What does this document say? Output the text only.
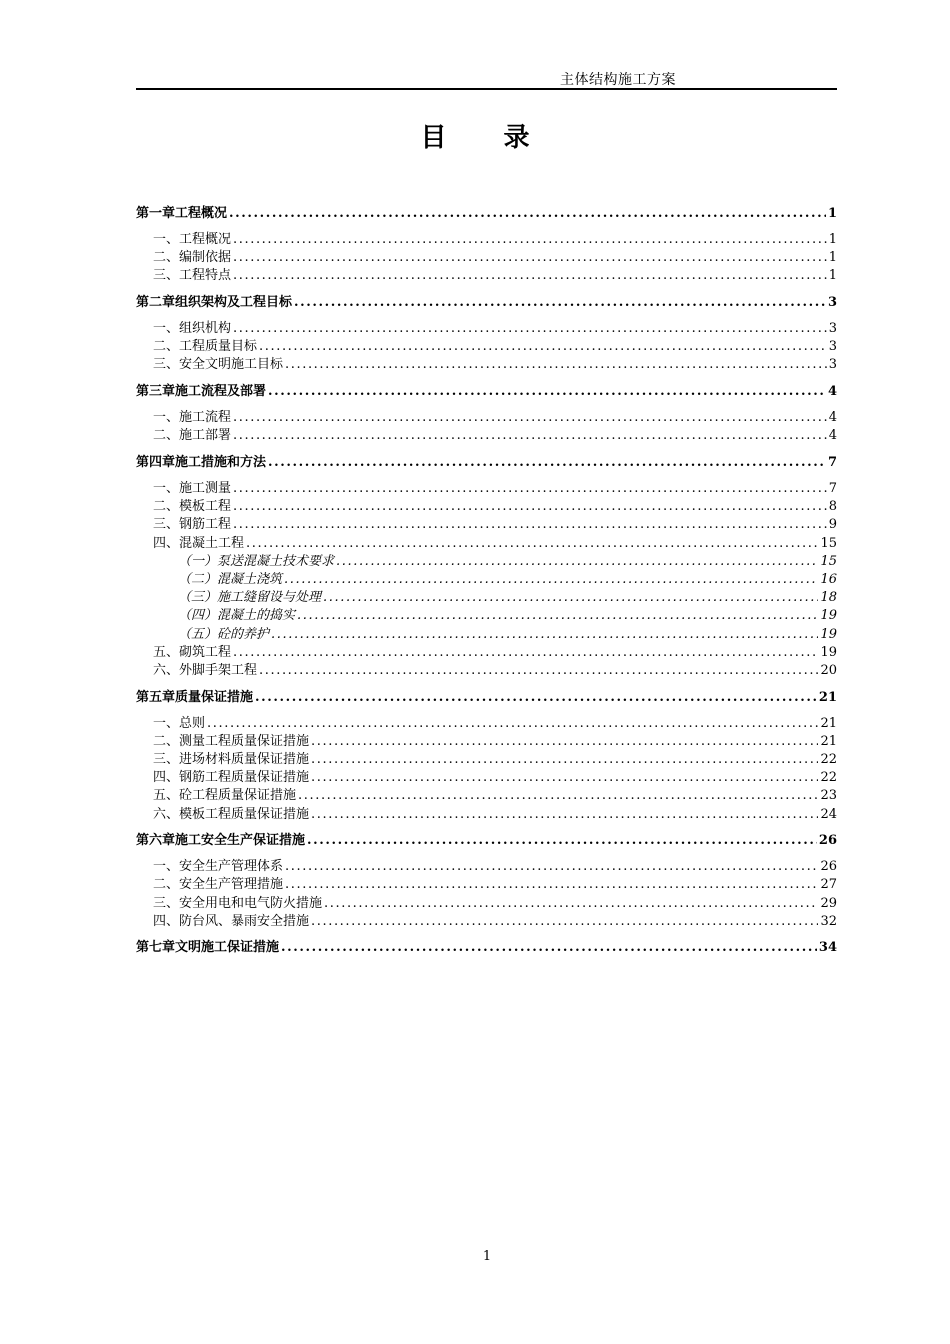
主体结构施工方案
目 录
第一章 工程概况 .....	1
一、工程概况 .....	1
二、编制依据 .....	1
三、工程特点 .....	1
第二章 组织架构及工程目标 .....	3
一、组织机构 .....	3
二、工程质量目标 .....	3
三、安全文明施工目标 .....	3
第三章 施工流程及部署 .....	4
一、施工流程 .....	4
二、施工部署 .....	4
第四章 施工措施和方法 .....	7
一、施工测量 .....	7
二、模板工程 .....	8
三、钢筋工程 .....	9
四、混凝土工程 .....	15
（一）泵送混凝土技术要求 .....	15
（二）混凝土浇筑 .....	16
（三）施工缝留设与处理 .....	18
（四）混凝土的捣实 .....	19
（五）砼的养护 .....	19
五、砌筑工程 .....	19
六、外脚手架工程 .....	20
第五章 质量保证措施 .....	21
一、总则 .....	21
二、测量工程质量保证措施 .....	21
三、进场材料质量保证措施 .....	22
四、钢筋工程质量保证措施 .....	22
五、砼工程质量保证措施 .....	23
六、模板工程质量保证措施 .....	24
第六章 施工安全生产保证措施 .....	26
一、安全生产管理体系 .....	26
二、安全生产管理措施 .....	27
三、安全用电和电气防火措施 .....	29
四、防台风、暴雨安全措施 .....	32
第七章 文明施工保证措施 .....	34
1
